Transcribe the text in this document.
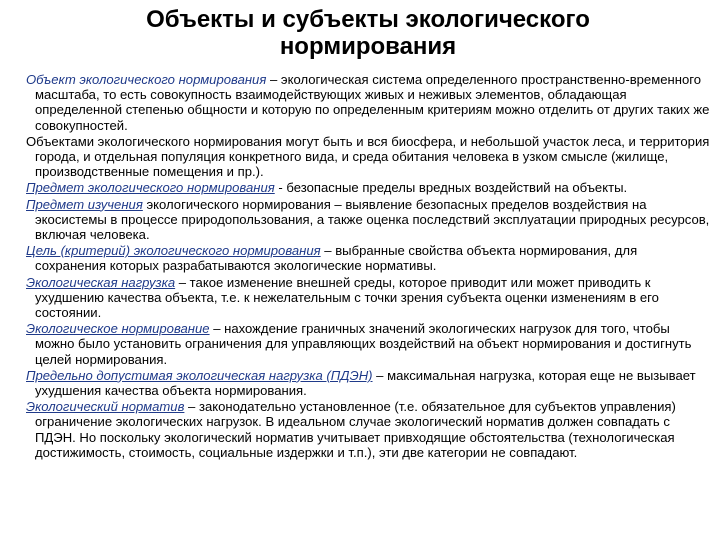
Объекты и субъекты экологического
нормирования

Объект экологического нормирования – экологическая система определенного пространственно-временного масштаба, то есть совокупность взаимодействующих живых и неживых элементов, обладающая определенной степенью общности и которую по определенным критериям можно отделить от других таких же совокупностей.

Объектами экологического нормирования могут быть и вся биосфера, и небольшой участок леса, и территория города, и отдельная популяция конкретного вида, и среда обитания человека в узком смысле (жилище, производственные помещения и пр.).

Предмет экологического нормирования - безопасные пределы вредных воздействий на объекты.

Предмет изучения экологического нормирования – выявление безопасных пределов воздействия на экосистемы в процессе природопользования, а также оценка последствий эксплуатации природных ресурсов, включая человека.

Цель (критерий) экологического нормирования – выбранные свойства объекта нормирования, для сохранения которых разрабатываются экологические нормативы.

Экологическая нагрузка – такое изменение внешней среды, которое приводит или может приводить к ухудшению качества объекта, т.е. к нежелательным с точки зрения субъекта оценки изменениям в его состоянии.

Экологическое нормирование – нахождение граничных значений экологических нагрузок для того, чтобы можно было установить ограничения для управляющих воздействий на объект нормирования и достигнуть целей нормирования.

Предельно допустимая экологическая нагрузка (ПДЭН) – максимальная нагрузка, которая еще не вызывает ухудшения качества объекта нормирования.

Экологический норматив – законодательно установленное (т.е. обязательное для субъектов управления) ограничение экологических нагрузок. В идеальном случае экологический норматив должен совпадать с ПДЭН. Но поскольку экологический норматив учитывает привходящие обстоятельства (технологическая достижимость, стоимость, социальные издержки и т.п.), эти две категории не совпадают.
